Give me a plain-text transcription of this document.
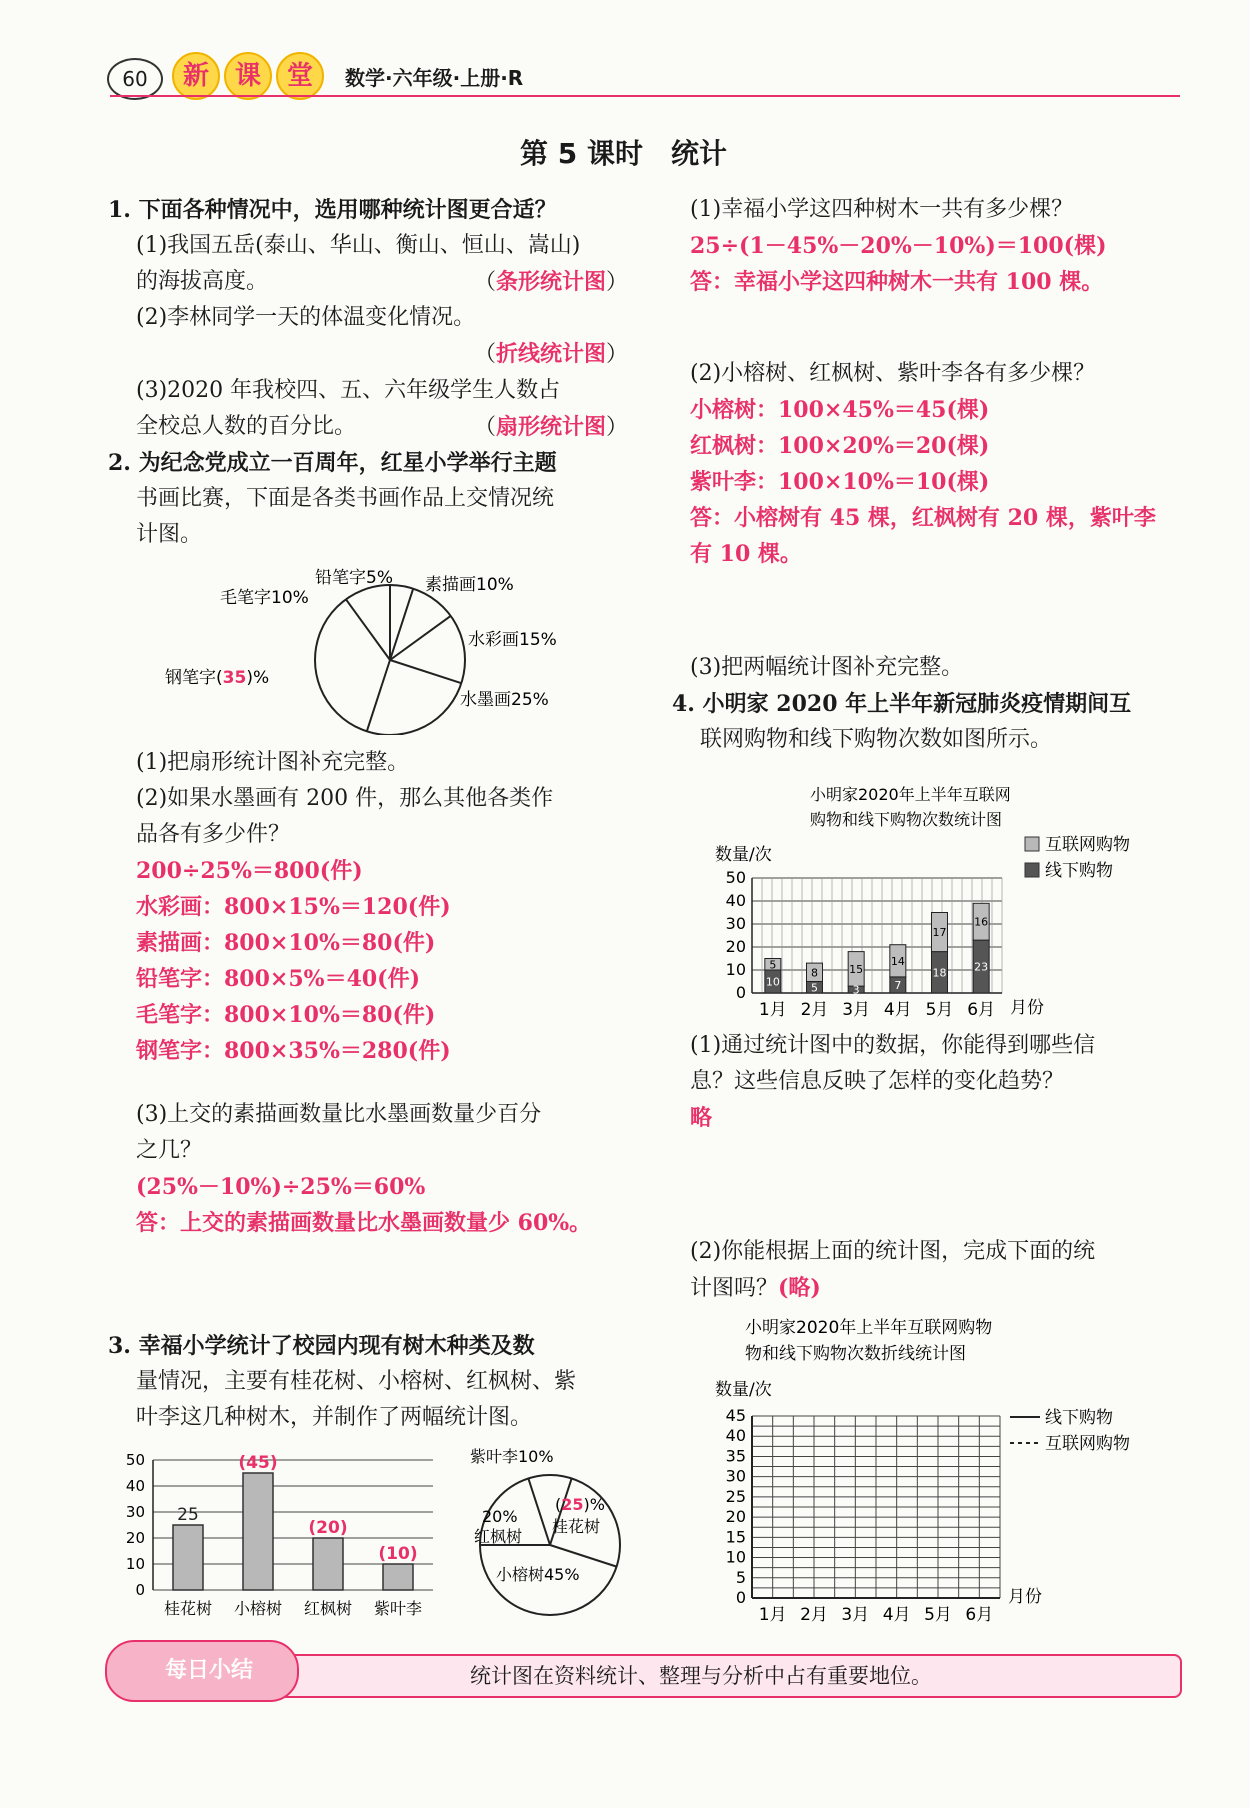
60	新 课 堂	数学·六年级·上册·R
第 5 课时　统计
1. 下面各种情况中，选用哪种统计图更合适？
(1)我国五岳(泰山、华山、衡山、恒山、嵩山)
的海拔高度。	（条形统计图）
(2)李林同学一天的体温变化情况。
（折线统计图）
(3)2020 年我校四、五、六年级学生人数占
全校总人数的百分比。	（扇形统计图）
2. 为纪念党成立一百周年，红星小学举行主题
书画比赛，下面是各类书画作品上交情况统
计图。
铅笔字5% 素描画10%
毛笔字10%
水彩画15%
水墨画25%
钢笔字(35)%
(1)把扇形统计图补充完整。
(2)如果水墨画有 200 件，那么其他各类作
品各有多少件？
200÷25%＝800(件)
水彩画：800×15%＝120(件)
素描画：800×10%＝80(件)
铅笔字：800×5%＝40(件)
毛笔字：800×10%＝80(件)
钢笔字：800×35%＝280(件)
(3)上交的素描画数量比水墨画数量少百分
之几？
(25%－10%)÷25%＝60%
答：上交的素描画数量比水墨画数量少 60%。
3. 幸福小学统计了校园内现有树木种类及数
量情况，主要有桂花树、小榕树、红枫树、紫
叶李这几种树木，并制作了两幅统计图。
0
10
20
30
40
50
25
桂花树
(45)
小榕树
(20)
红枫树
(10)
紫叶李
紫叶李10%
20%
红枫树
(25)%
桂花树
小榕树45%
(1)幸福小学这四种树木一共有多少棵？
25÷(1－45%－20%－10%)＝100(棵)
答：幸福小学这四种树木一共有 100 棵。
(2)小榕树、红枫树、紫叶李各有多少棵？
小榕树：100×45%＝45(棵)
红枫树：100×20%＝20(棵)
紫叶李：100×10%＝10(棵)
答：小榕树有 45 棵，红枫树有 20 棵，紫叶李
有 10 棵。
(3)把两幅统计图补充完整。
4. 小明家 2020 年上半年新冠肺炎疫情期间互
联网购物和线下购物次数如图所示。
小明家2020年上半年互联网
购物和线下购物次数统计图
数量/次	互联网购物
线下购物
0
10
20
30
40
50
月份
10
5
1月
5
8
2月
3
15
3月
7
14
4月
18
17
5月
23
16
6月
(1)通过统计图中的数据，你能得到哪些信
息？这些信息反映了怎样的变化趋势？
略
(2)你能根据上面的统计图，完成下面的统
计图吗？(略)
小明家2020年上半年互联网购物
物和线下购物次数折线统计图
数量/次
线下购物
互联网购物
0
5
10
15
20
25
30
35
40
45
1月 2月 3月 4月 5月 6月
月份
每日小结	统计图在资料统计、整理与分析中占有重要地位。
